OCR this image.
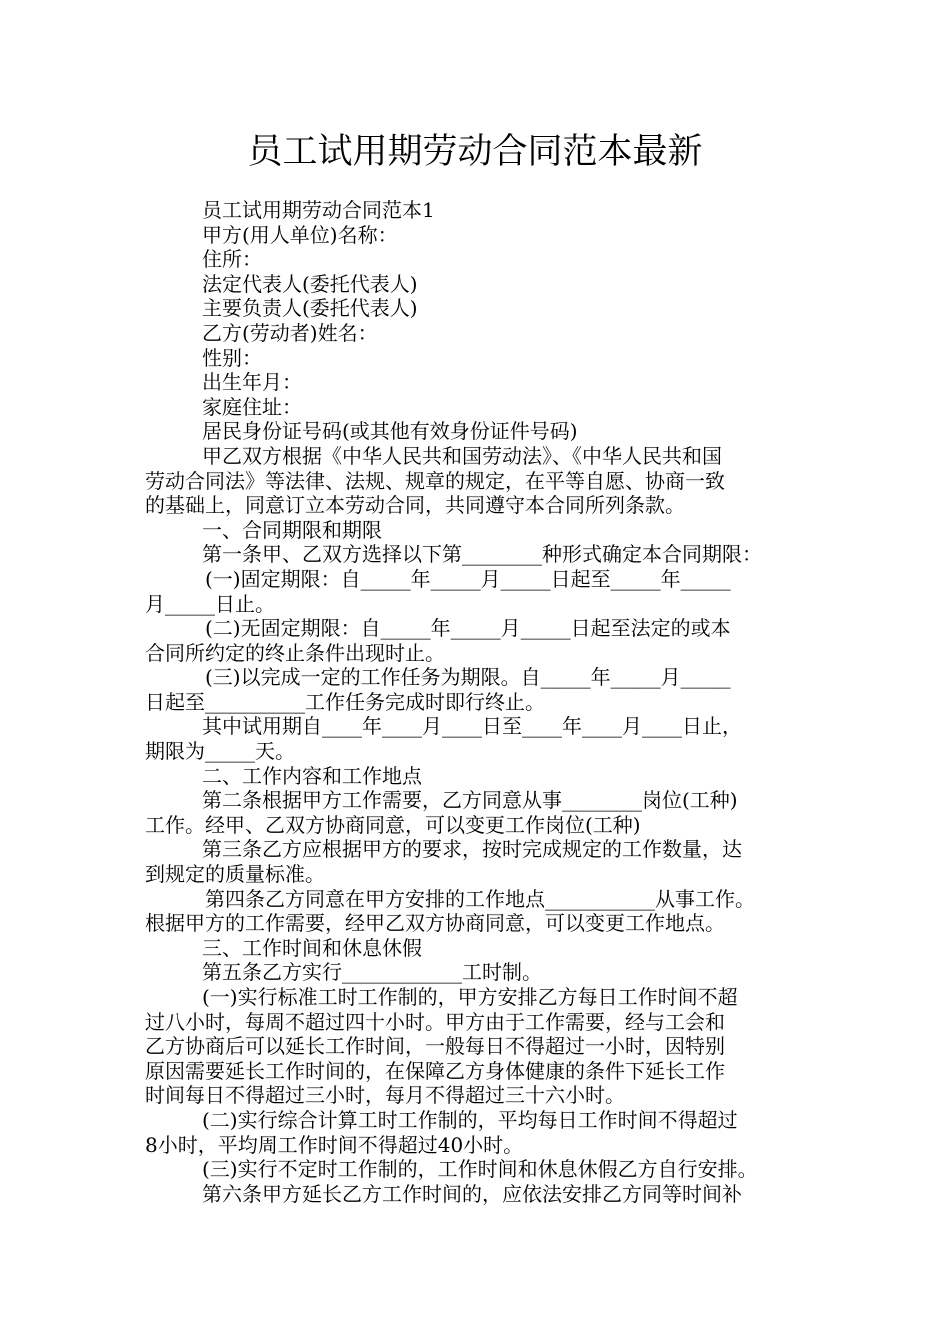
员工试用期劳动合同范本最新

员工试用期劳动合同范本1

甲方(用人单位)名称：

住所：

法定代表人(委托代表人)

主要负责人(委托代表人)

乙方(劳动者)姓名：

性别：

出生年月：

家庭住址：

居民身份证号码(或其他有效身份证件号码)

甲乙双方根据《中华人民共和国劳动法》、《中华人民共和国

劳动合同法》等法律、法规、规章的规定，在平等自愿、协商一致

的基础上，同意订立本劳动合同，共同遵守本合同所列条款。

一、合同期限和期限

第一条甲、乙双方选择以下第________种形式确定本合同期限：

(一)固定期限：自_____年_____月_____日起至_____年_____

月_____日止。

(二)无固定期限：自_____年_____月_____日起至法定的或本

合同所约定的终止条件出现时止。

(三)以完成一定的工作任务为期限。自_____年_____月_____

日起至__________工作任务完成时即行终止。

其中试用期自____年____月____日至____年____月____日止，

期限为_____天。

二、工作内容和工作地点

第二条根据甲方工作需要，乙方同意从事________岗位(工种)

工作。经甲、乙双方协商同意，可以变更工作岗位(工种)

第三条乙方应根据甲方的要求，按时完成规定的工作数量，达

到规定的质量标准。

第四条乙方同意在甲方安排的工作地点___________从事工作。

根据甲方的工作需要，经甲乙双方协商同意，可以变更工作地点。

三、工作时间和休息休假

第五条乙方实行____________工时制。

(一)实行标准工时工作制的，甲方安排乙方每日工作时间不超

过八小时，每周不超过四十小时。甲方由于工作需要，经与工会和

乙方协商后可以延长工作时间，一般每日不得超过一小时，因特别

原因需要延长工作时间的，在保障乙方身体健康的条件下延长工作

时间每日不得超过三小时，每月不得超过三十六小时。

(二)实行综合计算工时工作制的，平均每日工作时间不得超过

8小时，平均周工作时间不得超过40小时。

(三)实行不定时工作制的，工作时间和休息休假乙方自行安排。

第六条甲方延长乙方工作时间的，应依法安排乙方同等时间补
